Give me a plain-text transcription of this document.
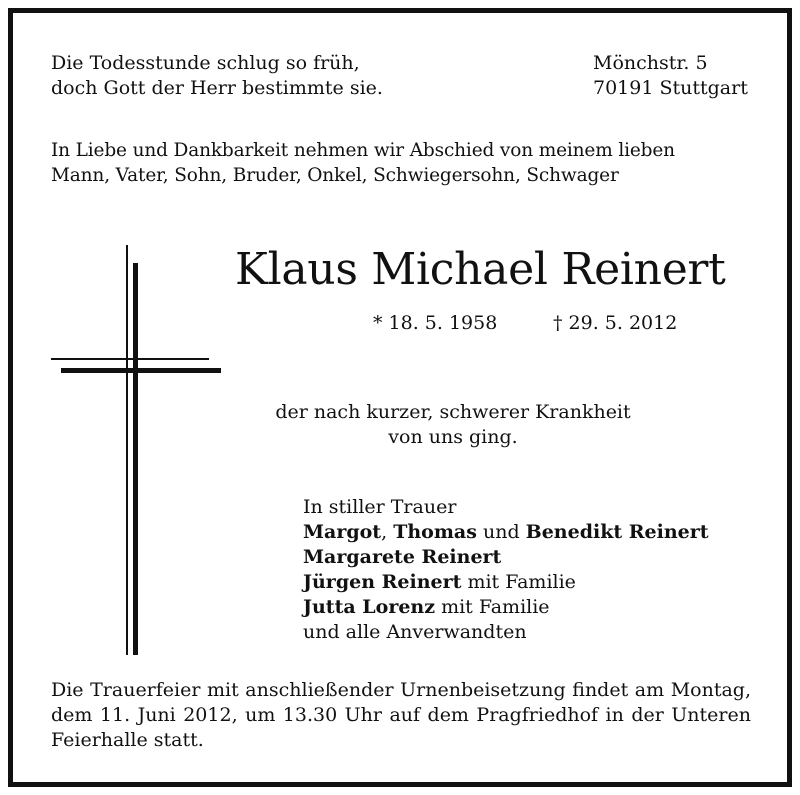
Die Todesstunde schlug so früh,
doch Gott der Herr bestimmte sie.
Mönchstr. 5
70191 Stuttgart
In Liebe und Dankbarkeit nehmen wir Abschied von meinem lieben
Mann, Vater, Sohn, Bruder, Onkel, Schwiegersohn, Schwager
Klaus Michael Reinert
* 18. 5. 1958	† 29. 5. 2012
der nach kurzer, schwerer Krankheit
von uns ging.
In stiller Trauer
Margot, Thomas und Benedikt Reinert
Margarete Reinert
Jürgen Reinert mit Familie
Jutta Lorenz mit Familie
und alle Anverwandten
Die Trauerfeier mit anschließender Urnenbeisetzung findet am Montag, dem 11. Juni 2012, um 13.30 Uhr auf dem Pragfriedhof in der Unteren Feierhalle statt.
